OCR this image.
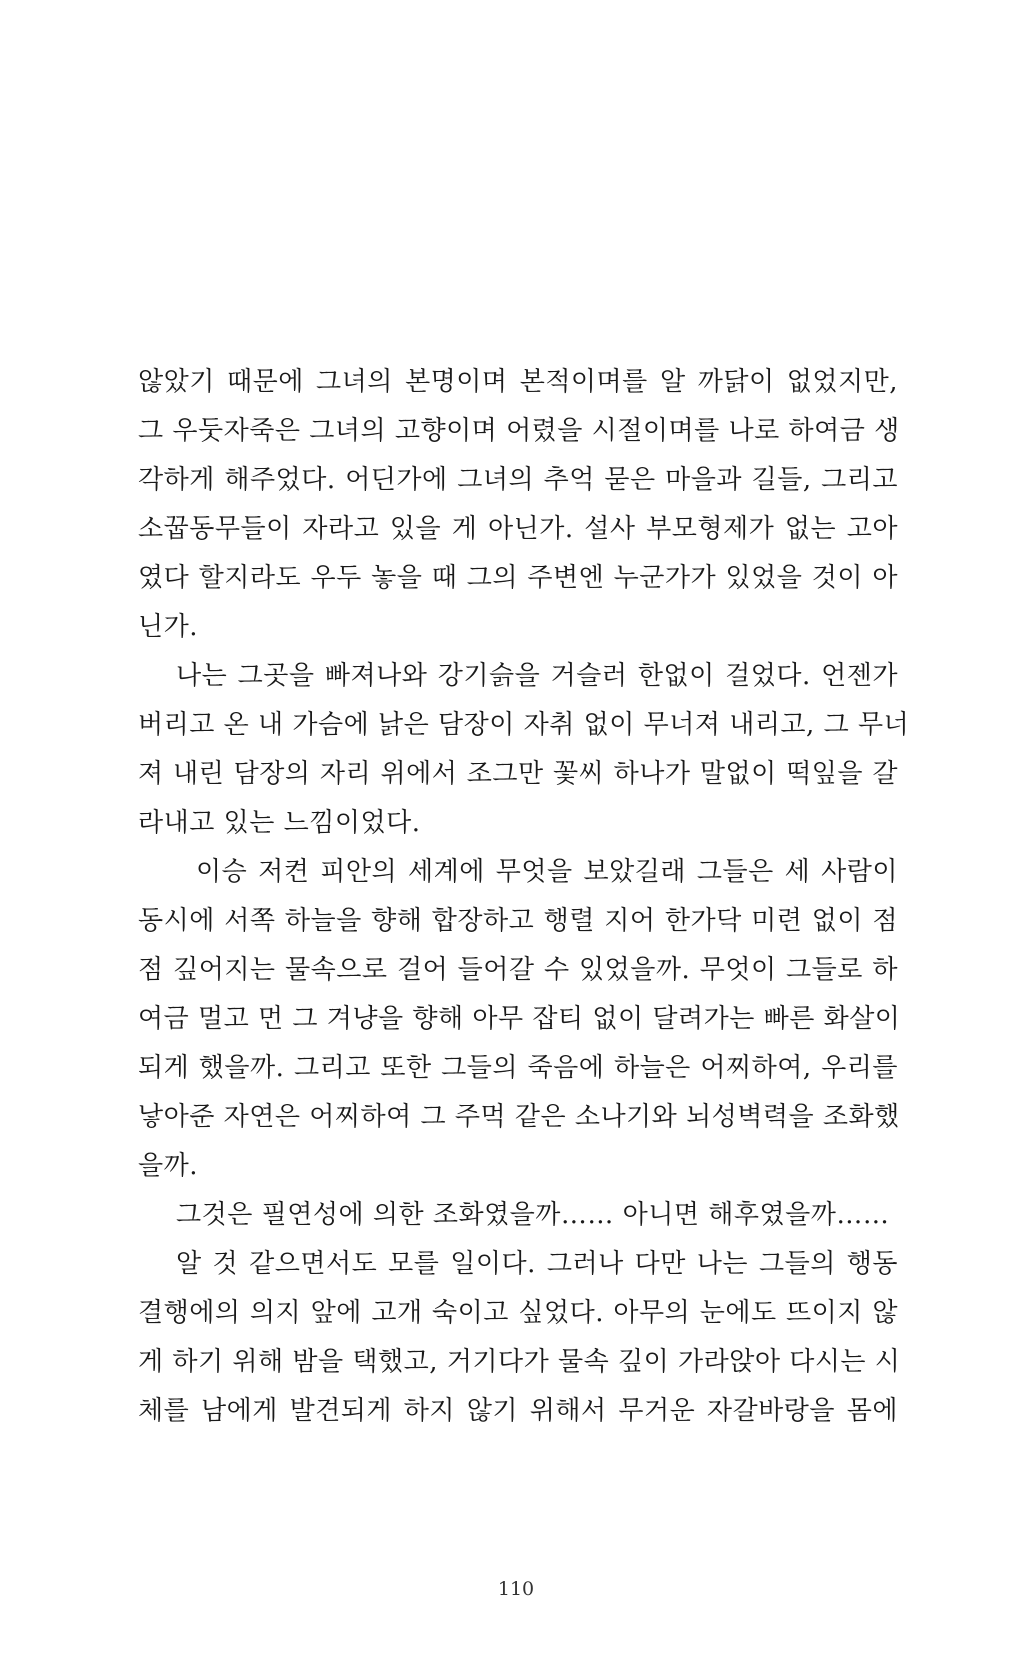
않았기 때문에 그녀의 본명이며 본적이며를 알 까닭이 없었지만,
그 우둣자죽은 그녀의 고향이며 어렸을 시절이며를 나로 하여금 생
각하게 해주었다. 어딘가에 그녀의 추억 묻은 마을과 길들, 그리고
소꿉동무들이 자라고 있을 게 아닌가. 설사 부모형제가 없는 고아
였다 할지라도 우두 놓을 때 그의 주변엔 누군가가 있었을 것이 아
닌가.
나는 그곳을 빠져나와 강기슭을 거슬러 한없이 걸었다. 언젠가
버리고 온 내 가슴에 낡은 담장이 자취 없이 무너져 내리고, 그 무너
져 내린 담장의 자리 위에서 조그만 꽃씨 하나가 말없이 떡잎을 갈
라내고 있는 느낌이었다.
이승 저켠 피안의 세계에 무엇을 보았길래 그들은 세 사람이
동시에 서쪽 하늘을 향해 합장하고 행렬 지어 한가닥 미련 없이 점
점 깊어지는 물속으로 걸어 들어갈 수 있었을까. 무엇이 그들로 하
여금 멀고 먼 그 겨냥을 향해 아무 잡티 없이 달려가는 빠른 화살이
되게 했을까. 그리고 또한 그들의 죽음에 하늘은 어찌하여, 우리를
낳아준 자연은 어찌하여 그 주먹 같은 소나기와 뇌성벽력을 조화했
을까.
그것은 필연성에 의한 조화였을까…… 아니면 해후였을까……
알 것 같으면서도 모를 일이다. 그러나 다만 나는 그들의 행동
결행에의 의지 앞에 고개 숙이고 싶었다. 아무의 눈에도 뜨이지 않
게 하기 위해 밤을 택했고, 거기다가 물속 깊이 가라앉아 다시는 시
체를 남에게 발견되게 하지 않기 위해서 무거운 자갈바랑을 몸에
110
